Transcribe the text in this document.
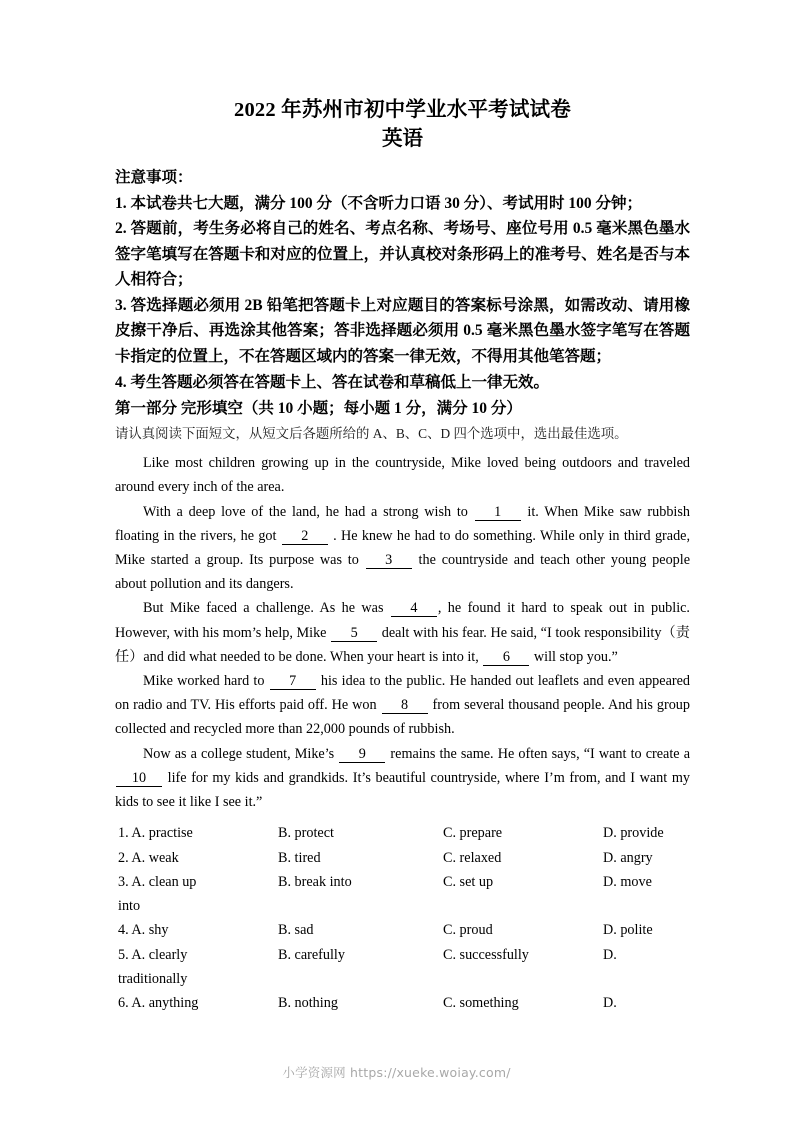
2022 年苏州市初中学业水平考试试卷
英语

注意事项：

1. 本试卷共七大题，满分 100 分（不含听力口语 30 分）、考试用时 100 分钟；

2. 答题前，考生务必将自己的姓名、考点名称、考场号、座位号用 0.5 毫米黑色墨水签字笔填写在答题卡和对应的位置上，并认真校对条形码上的准考号、姓名是否与本人相符合；

3. 答选择题必须用 2B 铅笔把答题卡上对应题目的答案标号涂黑，如需改动、请用橡皮擦干净后、再选涂其他答案；答非选择题必须用 0.5 毫米黑色墨水签字笔写在答题卡指定的位置上，不在答题区域内的答案一律无效，不得用其他笔答题；

4. 考生答题必须答在答题卡上、答在试卷和草稿低上一律无效。

第一部分 完形填空（共 10 小题；每小题 1 分，满分 10 分）

请认真阅读下面短文，从短文后各题所给的 A、B、C、D 四个选项中，选出最佳选项。

Like most children growing up in the countryside, Mike loved being outdoors and traveled around every inch of the area.

With a deep love of the land, he had a strong wish to 1 it. When Mike saw rubbish floating in the rivers, he got 2 . He knew he had to do something. While only in third grade, Mike started a group. Its purpose was to 3 the countryside and teach other young people about pollution and its dangers.

But Mike faced a challenge. As he was 4 , he found it hard to speak out in public. However, with his mom’s help, Mike 5 dealt with his fear. He said, “I took responsibility（责任）and did what needed to be done. When your heart is into it, 6 will stop you.”

Mike worked hard to 7 his idea to the public. He handed out leaflets and even appeared on radio and TV. His efforts paid off. He won 8 from several thousand people. And his group collected and recycled more than 22,000 pounds of rubbish.

Now as a college student, Mike’s 9 remains the same. He often says, “I want to create a 10 life for my kids and grandkids. It’s beautiful countryside, where I’m from, and I want my kids to see it like I see it.”

1. A. practise	B. protect	C. prepare	D. provide
2. A. weak	B. tired	C. relaxed	D. angry
3. A. clean up	B. break into	C. set up	D. move
into
4. A. shy	B. sad	C. proud	D. polite
5. A. clearly	B. carefully	C. successfully	D.
traditionally
6. A. anything	B. nothing	C. something	D.
小学资源网 https://xueke.woiay.com/
